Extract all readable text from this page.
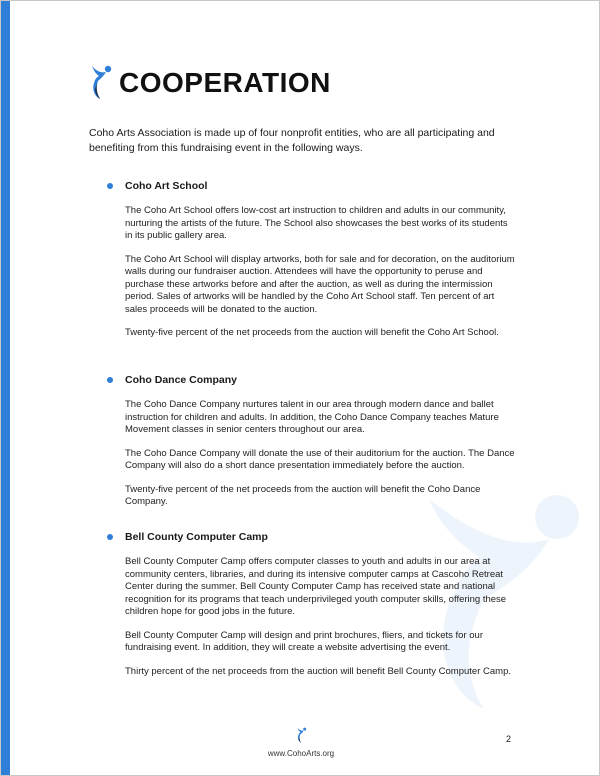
COOPERATION
Coho Arts Association is made up of four nonprofit entities, who are all participating and benefiting from this fundraising event in the following ways.
Coho Art School

The Coho Art School offers low-cost art instruction to children and adults in our community, nurturing the artists of the future. The School also showcases the best works of its students in its public gallery area.

The Coho Art School will display artworks, both for sale and for decoration, on the auditorium walls during our fundraiser auction. Attendees will have the opportunity to peruse and purchase these artworks before and after the auction, as well as during the intermission period. Sales of artworks will be handled by the Coho Art School staff. Ten percent of art sales proceeds will be donated to the auction.

Twenty-five percent of the net proceeds from the auction will benefit the Coho Art School.

Coho Dance Company

The Coho Dance Company nurtures talent in our area through modern dance and ballet instruction for children and adults. In addition, the Coho Dance Company teaches Mature Movement classes in senior centers throughout our area.

The Coho Dance Company will donate the use of their auditorium for the auction. The Dance Company will also do a short dance presentation immediately before the auction.

Twenty-five percent of the net proceeds from the auction will benefit the Coho Dance Company.

Bell County Computer Camp

Bell County Computer Camp offers computer classes to youth and adults in our area at community centers, libraries, and during its intensive computer camps at Cascoho Retreat Center during the summer. Bell County Computer Camp has received state and national recognition for its programs that teach underprivileged youth computer skills, offering these children hope for good jobs in the future.

Bell County Computer Camp will design and print brochures, fliers, and tickets for our fundraising event. In addition, they will create a website advertising the event.

Thirty percent of the net proceeds from the auction will benefit Bell County Computer Camp.

www.CohoArts.org
2
